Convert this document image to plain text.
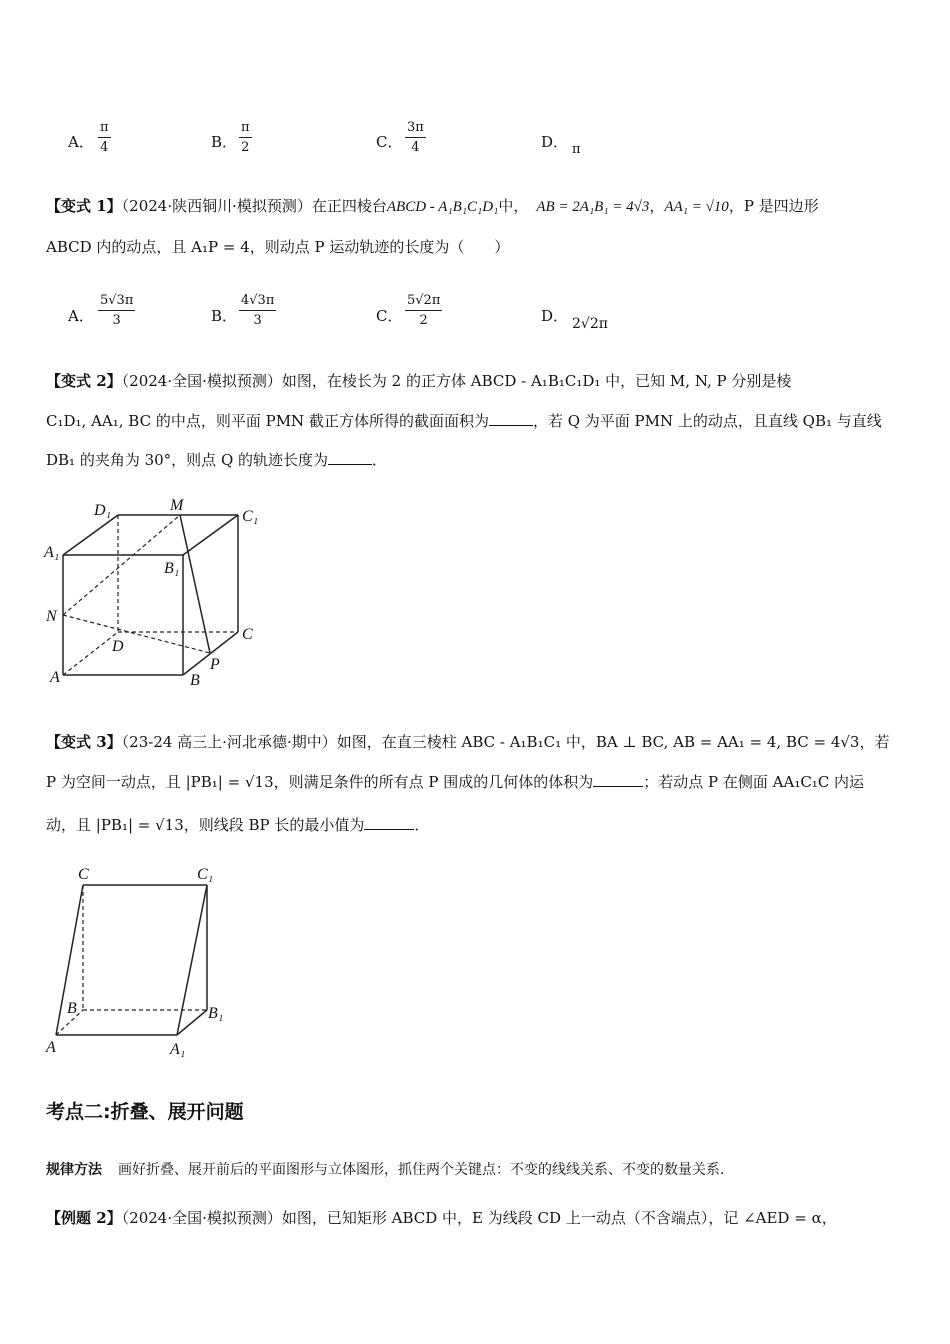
A． $\frac{\pi}{4}$	B． $\frac{\pi}{2}$	C． $\frac{3\pi}{4}$	D． π
【变式 1】（2024·陕西铜川·模拟预测）在正四棱台ABCD - A₁B₁C₁D₁中， AB = 2A₁B₁ = 4√3，AA₁ = √10，P 是四边形
ABCD 内的动点，且 A₁P = 4，则动点 P 运动轨迹的长度为（　　）
A． $\frac{5√3\pi}{3}$	B． $\frac{4√3\pi}{3}$	C． $\frac{5√2\pi}{2}$	D． 2√2π
【变式 2】（2024·全国·模拟预测）如图，在棱长为 2 的正方体 ABCD - A₁B₁C₁D₁ 中，已知 M, N, P 分别是棱
C₁D₁, AA₁, BC 的中点，则平面 PMN 截正方体所得的截面面积为	，若 Q 为平面 PMN 上的动点，且直线 QB₁ 与直线
DB₁ 的夹角为 30°，则点 Q 的轨迹长度为	．
D₁	M
C₁
A₁
B₁
N
C
D
P
A	B
【变式 3】（23-24 高三上·河北承德·期中）如图，在直三棱柱 ABC - A₁B₁C₁ 中，BA ⊥ BC, AB = AA₁ = 4, BC = 4√3，若
P 为空间一动点，且 |PB₁| = √13，则满足条件的所有点 P 围成的几何体的体积为	；若动点 P 在侧面 AA₁C₁C 内运
动，且 |PB₁| = √13，则线段 BP 长的最小值为	．
C	C₁
B	B₁
A	A₁
考点二:折叠、展开问题
规律方法 画好折叠、展开前后的平面图形与立体图形，抓住两个关键点：不变的线线关系、不变的数量关系．
【例题 2】（2024·全国·模拟预测）如图，已知矩形 ABCD 中，E 为线段 CD 上一动点（不含端点），记 ∠AED = α，
